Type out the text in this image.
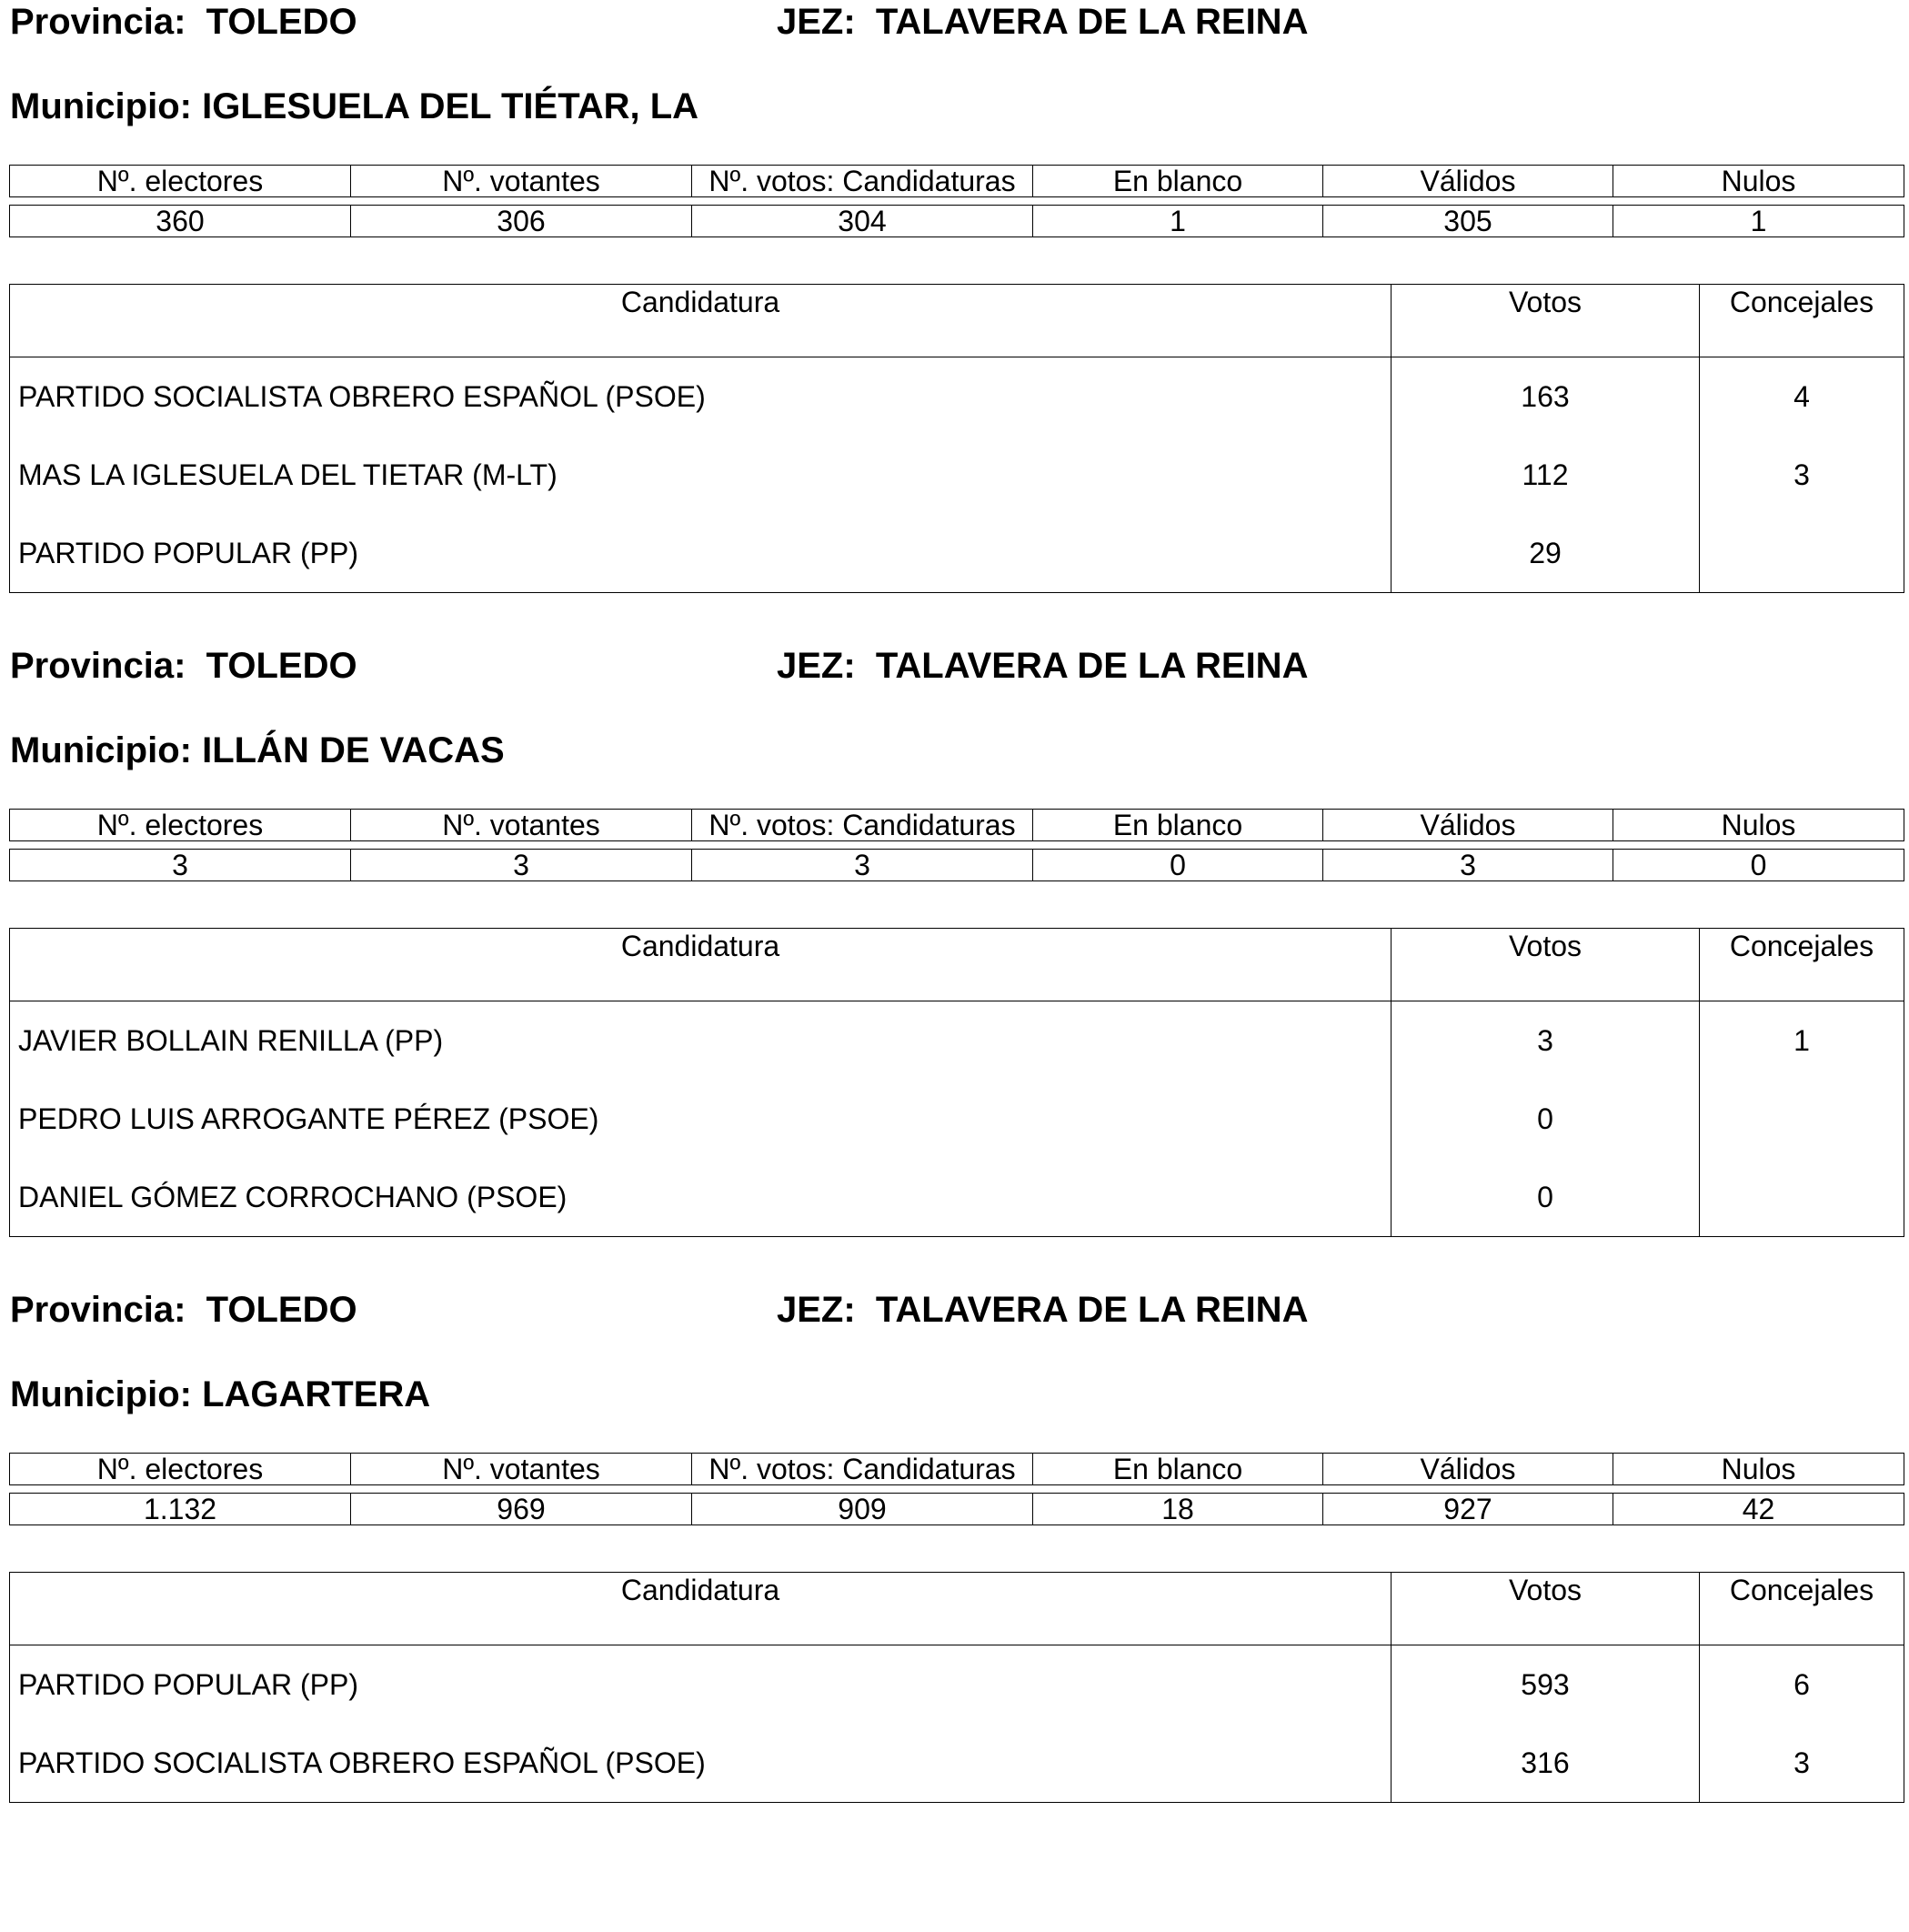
Provincia:  TOLEDO	JEZ:  TALAVERA DE LA REINA
Municipio: IGLESUELA DEL TIÉTAR, LA
Nº. electores	Nº. votantes	Nº. votos: Candidaturas	En blanco	Válidos	Nulos

360	306	304	1	305	1
Candidatura	Votos	Concejales
PARTIDO SOCIALISTA OBRERO ESPAÑOL (PSOE)	163	4
MAS LA IGLESUELA DEL TIETAR (M-LT)	112	3
PARTIDO POPULAR (PP)	29	
Provincia:  TOLEDO	JEZ:  TALAVERA DE LA REINA
Municipio: ILLÁN DE VACAS
Nº. electores	Nº. votantes	Nº. votos: Candidaturas	En blanco	Válidos	Nulos

3	3	3	0	3	0
Candidatura	Votos	Concejales
JAVIER BOLLAIN RENILLA (PP)	3	1
PEDRO LUIS ARROGANTE PÉREZ (PSOE)	0	
DANIEL GÓMEZ CORROCHANO (PSOE)	0	
Provincia:  TOLEDO	JEZ:  TALAVERA DE LA REINA
Municipio: LAGARTERA
Nº. electores	Nº. votantes	Nº. votos: Candidaturas	En blanco	Válidos	Nulos

1.132	969	909	18	927	42
Candidatura	Votos	Concejales
PARTIDO POPULAR (PP)	593	6
PARTIDO SOCIALISTA OBRERO ESPAÑOL (PSOE)	316	3
